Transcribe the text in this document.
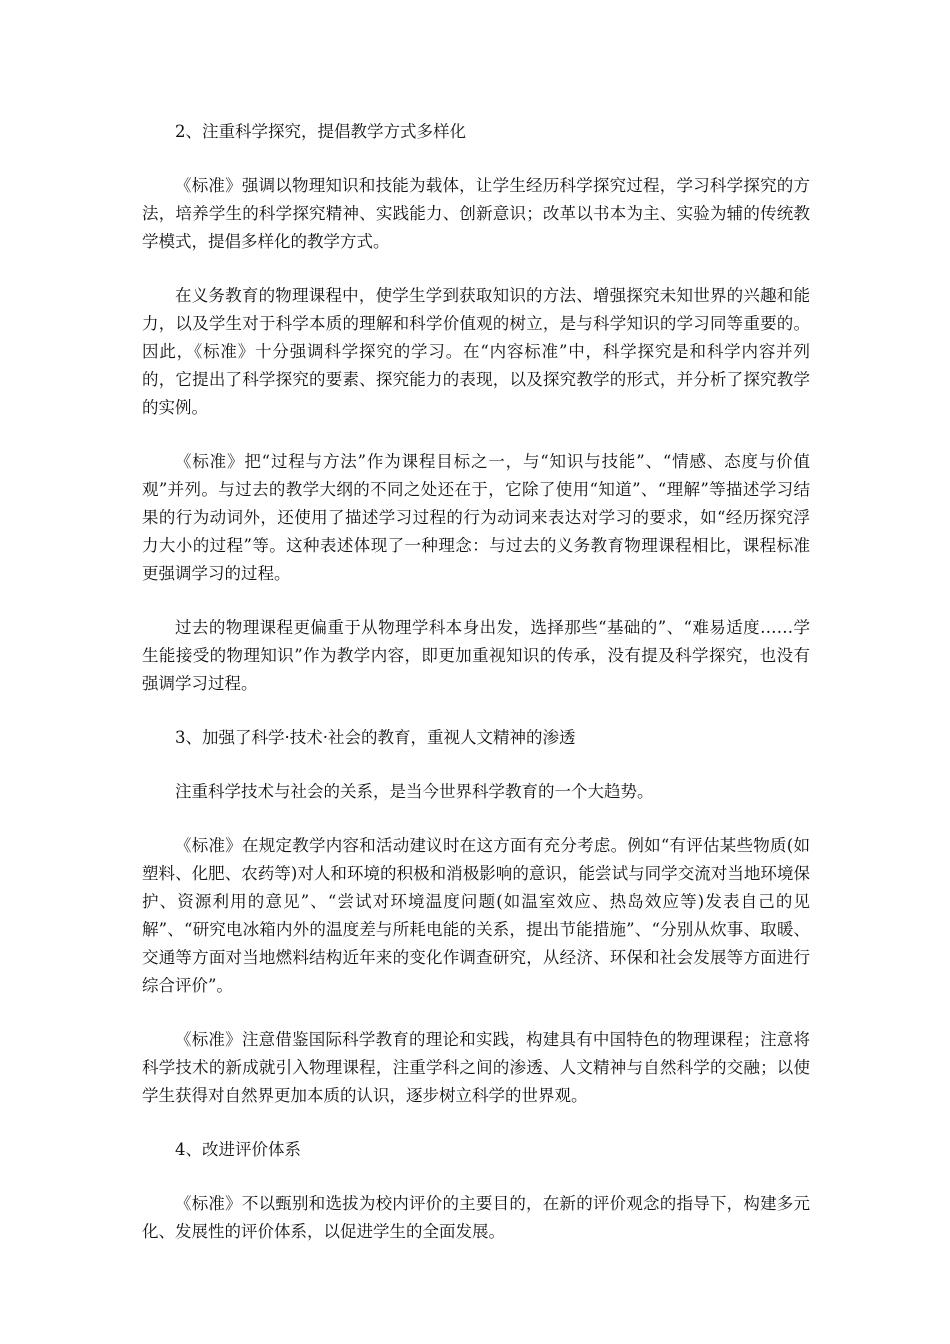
2、注重科学探究，提倡教学方式多样化

《标准》强调以物理知识和技能为载体，让学生经历科学探究过程，学习科学探究的方法，培养学生的科学探究精神、实践能力、创新意识；改革以书本为主、实验为辅的传统教学模式，提倡多样化的教学方式。

在义务教育的物理课程中，使学生学到获取知识的方法、增强探究未知世界的兴趣和能力，以及学生对于科学本质的理解和科学价值观的树立，是与科学知识的学习同等重要的。因此，《标准》十分强调科学探究的学习。在“内容标准”中，科学探究是和科学内容并列的，它提出了科学探究的要素、探究能力的表现，以及探究教学的形式，并分析了探究教学的实例。

《标准》把“过程与方法”作为课程目标之一，与“知识与技能”、“情感、态度与价值观”并列。与过去的教学大纲的不同之处还在于，它除了使用“知道”、“理解”等描述学习结果的行为动词外，还使用了描述学习过程的行为动词来表达对学习的要求，如“经历探究浮力大小的过程”等。这种表述体现了一种理念：与过去的义务教育物理课程相比，课程标准更强调学习的过程。

过去的物理课程更偏重于从物理学科本身出发，选择那些“基础的”、“难易适度……学生能接受的物理知识”作为教学内容，即更加重视知识的传承，没有提及科学探究，也没有强调学习过程。

3、加强了科学·技术·社会的教育，重视人文精神的渗透

注重科学技术与社会的关系，是当今世界科学教育的一个大趋势。

《标准》在规定教学内容和活动建议时在这方面有充分考虑。例如“有评估某些物质(如塑料、化肥、农药等)对人和环境的积极和消极影响的意识，能尝试与同学交流对当地环境保护、资源利用的意见”、“尝试对环境温度问题(如温室效应、热岛效应等)发表自己的见解”、“研究电冰箱内外的温度差与所耗电能的关系，提出节能措施”、“分别从炊事、取暖、交通等方面对当地燃料结构近年来的变化作调查研究，从经济、环保和社会发展等方面进行综合评价”。

《标准》注意借鉴国际科学教育的理论和实践，构建具有中国特色的物理课程；注意将科学技术的新成就引入物理课程，注重学科之间的渗透、人文精神与自然科学的交融；以使学生获得对自然界更加本质的认识，逐步树立科学的世界观。

4、改进评价体系

《标准》不以甄别和选拔为校内评价的主要目的，在新的评价观念的指导下，构建多元化、发展性的评价体系，以促进学生的全面发展。
